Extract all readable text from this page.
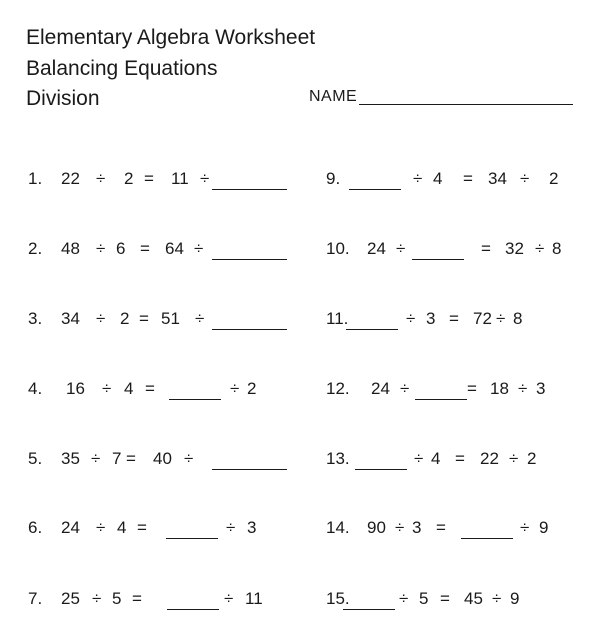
Elementary Algebra Worksheet
Balancing Equations
Division	NAME
1. 22 ÷ 2 = 11 ÷
2. 48 ÷ 6 = 64 ÷
3. 34 ÷ 2 = 51 ÷
4. 16 ÷ 4 =	÷ 2
5. 35 ÷ 7 = 40 ÷
6. 24 ÷ 4 =	÷ 3
7. 25 ÷ 5 =	÷ 11
9.	÷ 4 = 34 ÷ 2
10. 24 ÷	= 32 ÷ 8
11.	÷ 3 = 72 ÷ 8
12. 24 ÷	= 18 ÷ 3
13.	÷ 4 = 22 ÷ 2
14. 90 ÷ 3 =	÷ 9
15.	÷ 5 = 45 ÷ 9
